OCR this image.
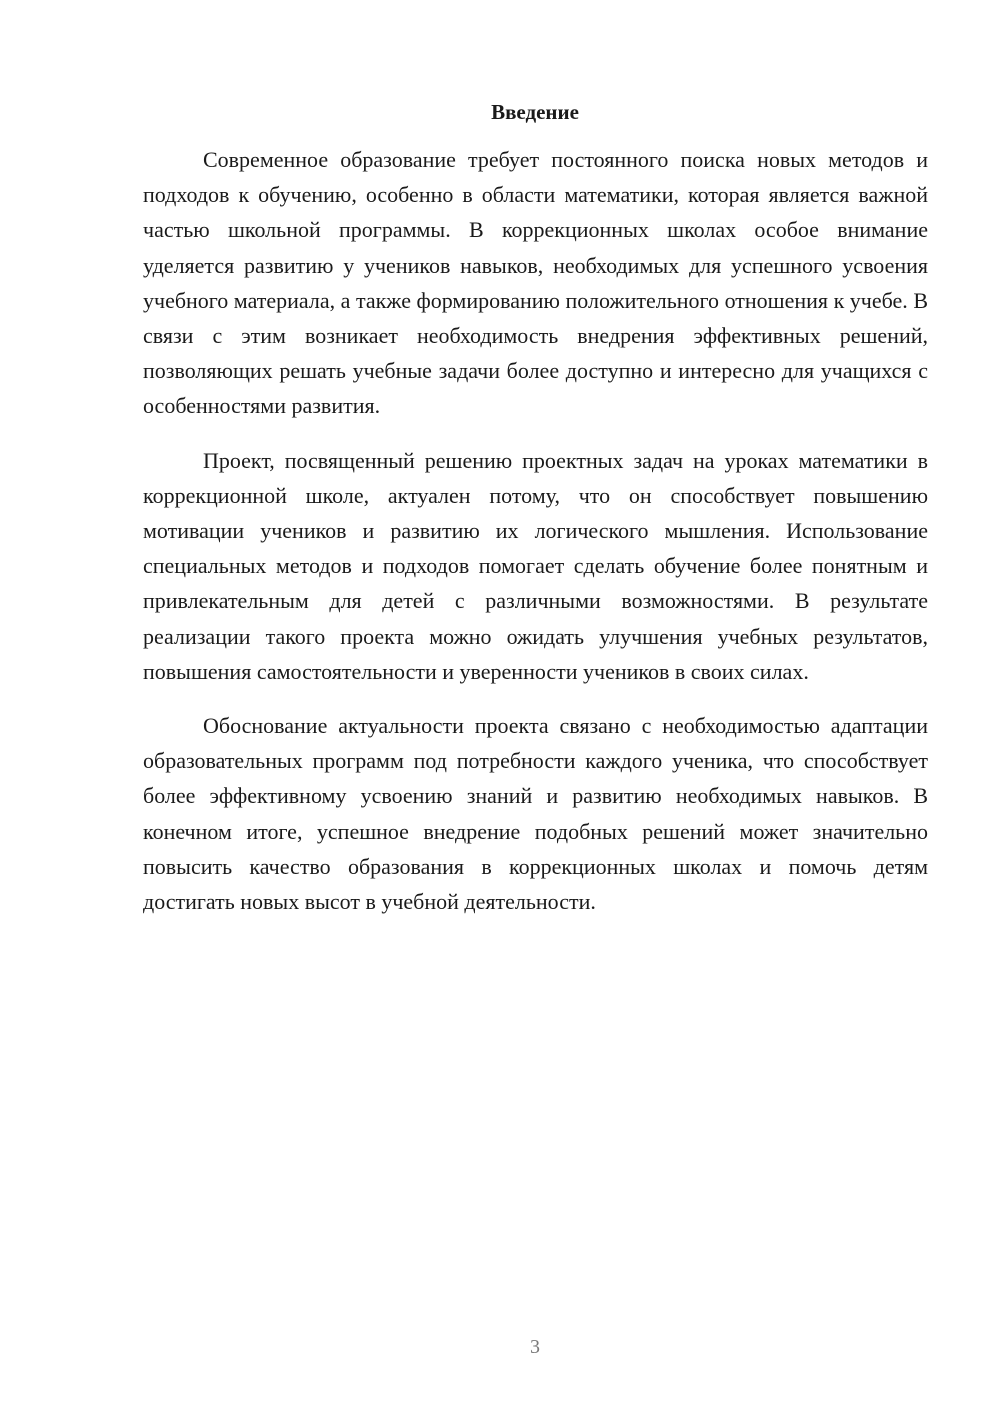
Введение

Современное образование требует постоянного поиска новых методов и подходов к обучению, особенно в области математики, которая является важной частью школьной программы. В коррекционных школах особое внимание уделяется развитию у учеников навыков, необходимых для успешного усвоения учебного материала, а также формированию положительного отношения к учебе. В связи с этим возникает необходимость внедрения эффективных решений, позволяющих решать учебные задачи более доступно и интересно для учащихся с особенностями развития.

Проект, посвященный решению проектных задач на уроках математики в коррекционной школе, актуален потому, что он способствует повышению мотивации учеников и развитию их логического мышления. Использование специальных методов и подходов помогает сделать обучение более понятным и привлекательным для детей с различными возможностями. В результате реализации такого проекта можно ожидать улучшения учебных результатов, повышения самостоятельности и уверенности учеников в своих силах.

Обоснование актуальности проекта связано с необходимостью адаптации образовательных программ под потребности каждого ученика, что способствует более эффективному усвоению знаний и развитию необходимых навыков. В конечном итоге, успешное внедрение подобных решений может значительно повысить качество образования в коррекционных школах и помочь детям достигать новых высот в учебной деятельности.

3
